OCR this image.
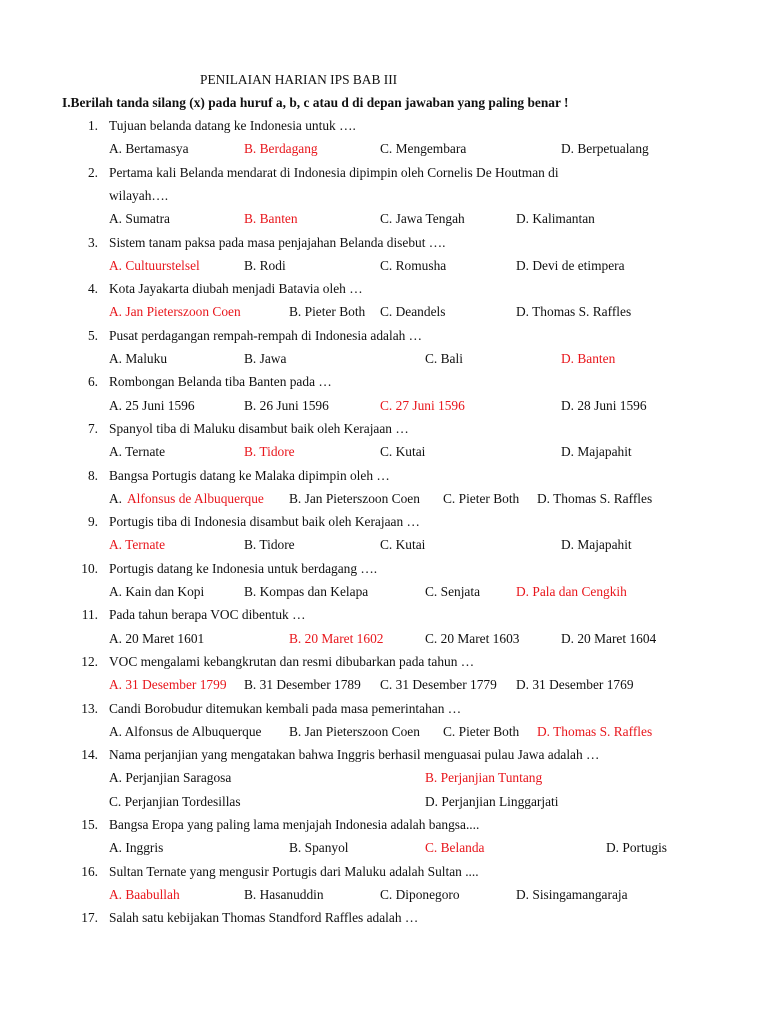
PENILAIAN HARIAN IPS BAB III
I.Berilah tanda silang (x) pada huruf a, b, c atau d di depan jawaban yang paling benar !
1. Tujuan belanda datang ke Indonesia untuk ….
A. Bertamasya	B. Berdagang	C. Mengembara	D. Berpetualang
2. Pertama kali Belanda mendarat di Indonesia dipimpin oleh Cornelis De Houtman di
wilayah….
A. Sumatra	B. Banten	C. Jawa Tengah	D. Kalimantan
3. Sistem tanam paksa pada masa penjajahan Belanda disebut ….
A. Cultuurstelsel	B. Rodi	C. Romusha	D. Devi de etimpera
4. Kota Jayakarta diubah menjadi Batavia oleh …
A. Jan Pieterszoon Coen	B. Pieter Both C. Deandels	D. Thomas S. Raffles
5. Pusat perdagangan rempah-rempah di Indonesia adalah …
A. Maluku	B. Jawa	C. Bali	D. Banten
6. Rombongan Belanda tiba Banten pada …
A. 25 Juni 1596	B. 26 Juni 1596	C. 27 Juni 1596	D. 28 Juni 1596
7. Spanyol tiba di Maluku disambut baik oleh Kerajaan …
A. Ternate	B. Tidore	C. Kutai	D. Majapahit
8. Bangsa Portugis datang ke Malaka dipimpin oleh …
A. Alfonsus de Albuquerque B. Jan Pieterszoon Coen C. Pieter Both D. Thomas S. Raffles
9. Portugis tiba di Indonesia disambut baik oleh Kerajaan …
A. Ternate	B. Tidore	C. Kutai	D. Majapahit
10. Portugis datang ke Indonesia untuk berdagang ….
A. Kain dan Kopi	B. Kompas dan Kelapa	C. Senjata	D. Pala dan Cengkih
11. Pada tahun berapa VOC dibentuk …
A. 20 Maret 1601	B. 20 Maret 1602	C. 20 Maret 1603	D. 20 Maret 1604
12. VOC mengalami kebangkrutan dan resmi dibubarkan pada tahun …
A. 31 Desember 1799 B. 31 Desember 1789 C. 31 Desember 1779 D. 31 Desember 1769
13. Candi Borobudur ditemukan kembali pada masa pemerintahan …
A. Alfonsus de Albuquerque B. Jan Pieterszoon Coen C. Pieter Both D. Thomas S. Raffles
14. Nama perjanjian yang mengatakan bahwa Inggris berhasil menguasai pulau Jawa adalah …
A. Perjanjian Saragosa	B. Perjanjian Tuntang
C. Perjanjian Tordesillas	D. Perjanjian Linggarjati
15. Bangsa Eropa yang paling lama menjajah Indonesia adalah bangsa....
A. Inggris	B. Spanyol	C. Belanda	D. Portugis
16. Sultan Ternate yang mengusir Portugis dari Maluku adalah Sultan ....
A. Baabullah	B. Hasanuddin	C. Diponegoro	D. Sisingamangaraja
17. Salah satu kebijakan Thomas Standford Raffles adalah …
